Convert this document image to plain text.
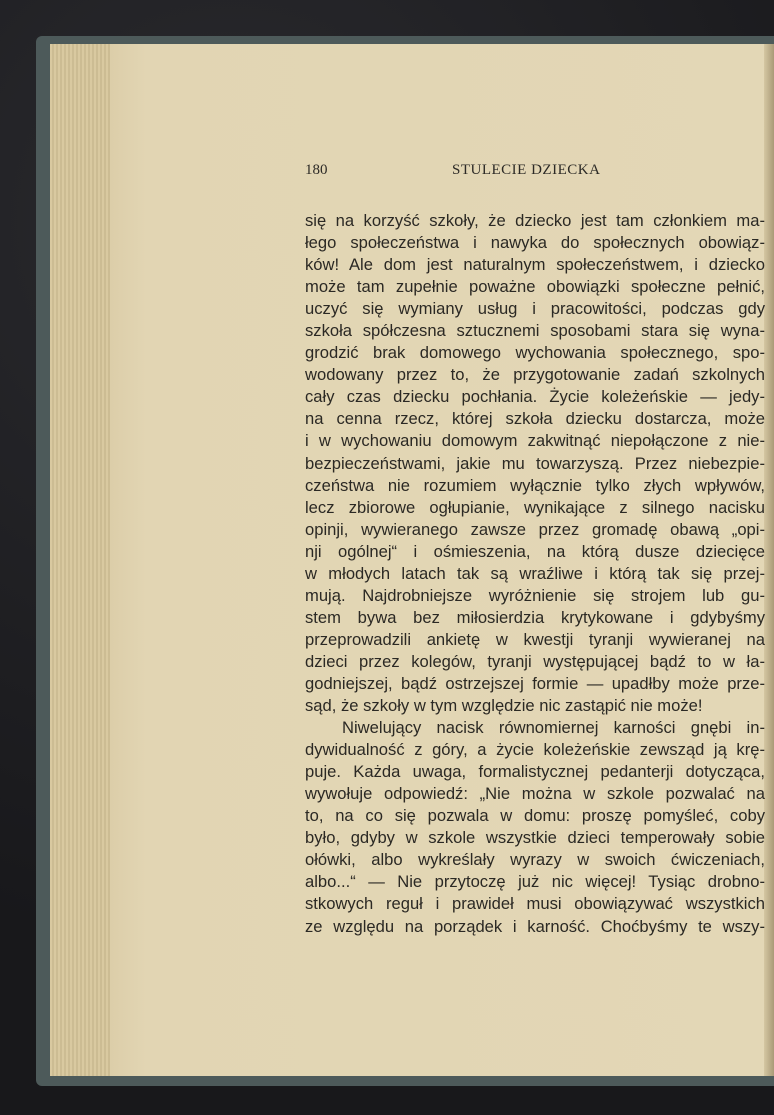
180	STULECIE DZIECKA
się na korzyść szkoły, że dziecko jest tam członkiem ma-
łego społeczeństwa i nawyka do społecznych obowiąz-
ków! Ale dom jest naturalnym społeczeństwem, i dziecko
może tam zupełnie poważne obowiązki społeczne pełnić,
uczyć się wymiany usług i pracowitości, podczas gdy
szkoła spółczesna sztucznemi sposobami stara się wyna-
grodzić brak domowego wychowania społecznego, spo-
wodowany przez to, że przygotowanie zadań szkolnych
cały czas dziecku pochłania. Życie koleżeńskie — jedy-
na cenna rzecz, której szkoła dziecku dostarcza, może
i w wychowaniu domowym zakwitnąć niepołączone z nie-
bezpieczeństwami, jakie mu towarzyszą. Przez niebezpie-
czeństwa nie rozumiem wyłącznie tylko złych wpływów,
lecz zbiorowe ogłupianie, wynikające z silnego nacisku
opinji, wywieranego zawsze przez gromadę obawą „opi-
nji ogólnej“ i ośmieszenia, na którą dusze dziecięce
w młodych latach tak są wraźliwe i którą tak się przej-
mują. Najdrobniejsze wyróżnienie się strojem lub gu-
stem bywa bez miłosierdzia krytykowane i gdybyśmy
przeprowadzili ankietę w kwestji tyranji wywieranej na
dzieci przez kolegów, tyranji występującej bądź to w ła-
godniejszej, bądź ostrzejszej formie — upadłby może prze-
sąd, że szkoły w tym względzie nic zastąpić nie może!
Niwelujący nacisk równomiernej karności gnębi in-
dywidualność z góry, a życie koleżeńskie zewsząd ją krę-
puje. Każda uwaga, formalistycznej pedanterji dotycząca,
wywołuje odpowiedź: „Nie można w szkole pozwalać na
to, na co się pozwala w domu: proszę pomyśleć, coby
było, gdyby w szkole wszystkie dzieci temperowały sobie
ołówki, albo wykreślały wyrazy w swoich ćwiczeniach,
albo...“ — Nie przytoczę już nic więcej! Tysiąc drobno-
stkowych reguł i prawideł musi obowiązywać wszystkich
ze względu na porządek i karność. Choćbyśmy te wszy-
